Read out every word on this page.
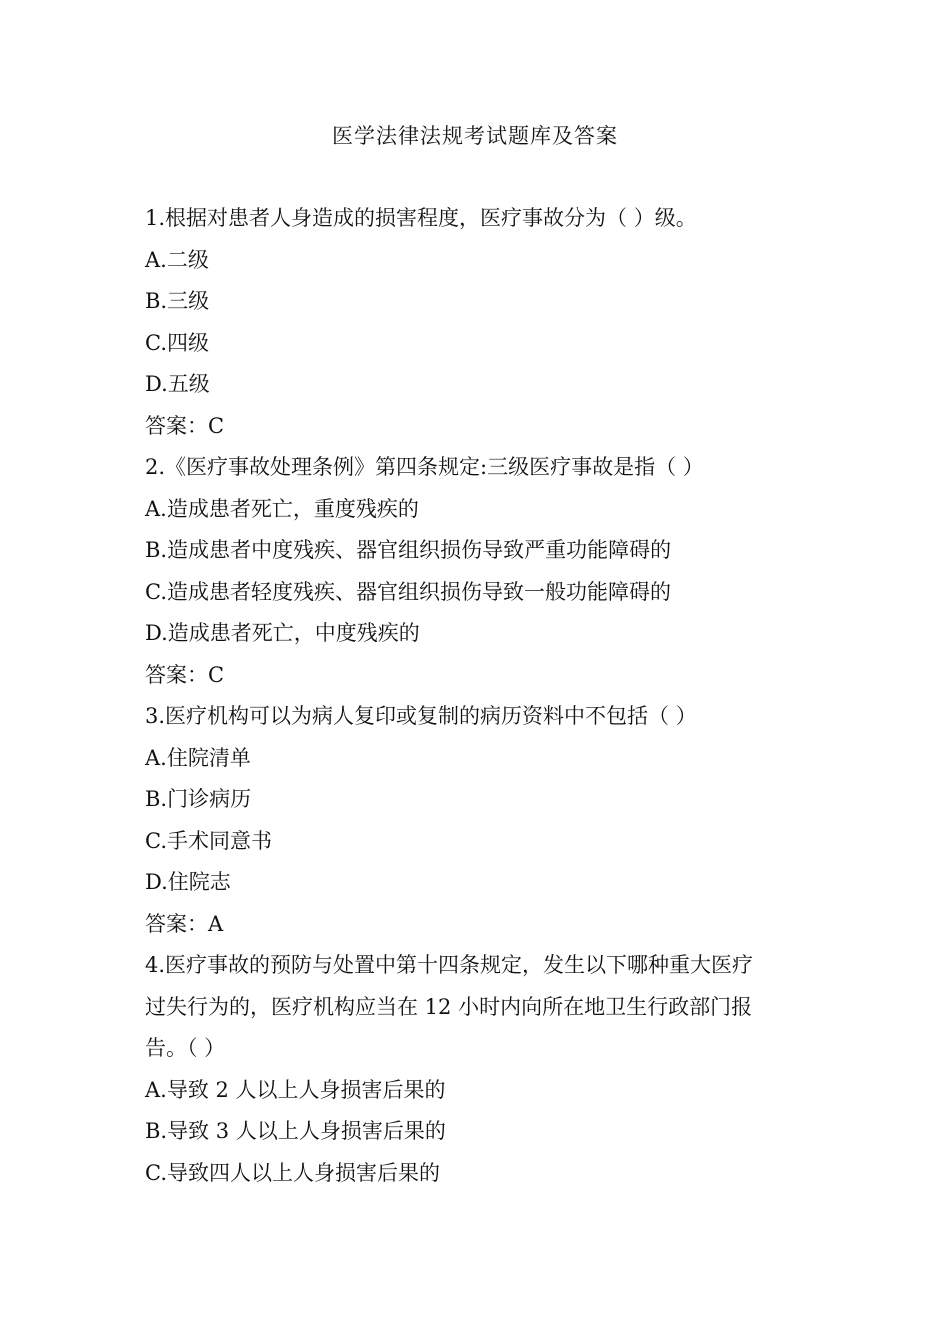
医学法律法规考试题库及答案
1.根据对患者人身造成的损害程度，医疗事故分为（ ）级。
A.二级
B.三级
C.四级
D.五级
答案：C
2.《医疗事故处理条例》第四条规定:三级医疗事故是指（ ）
A.造成患者死亡，重度残疾的
B.造成患者中度残疾、器官组织损伤导致严重功能障碍的
C.造成患者轻度残疾、器官组织损伤导致一般功能障碍的
D.造成患者死亡，中度残疾的
答案：C
3.医疗机构可以为病人复印或复制的病历资料中不包括（ ）
A.住院清单
B.门诊病历
C.手术同意书
D.住院志
答案：A
4.医疗事故的预防与处置中第十四条规定，发生以下哪种重大医疗
过失行为的，医疗机构应当在 12 小时内向所在地卫生行政部门报
告。（ ）
A.导致 2 人以上人身损害后果的
B.导致 3 人以上人身损害后果的
C.导致四人以上人身损害后果的
